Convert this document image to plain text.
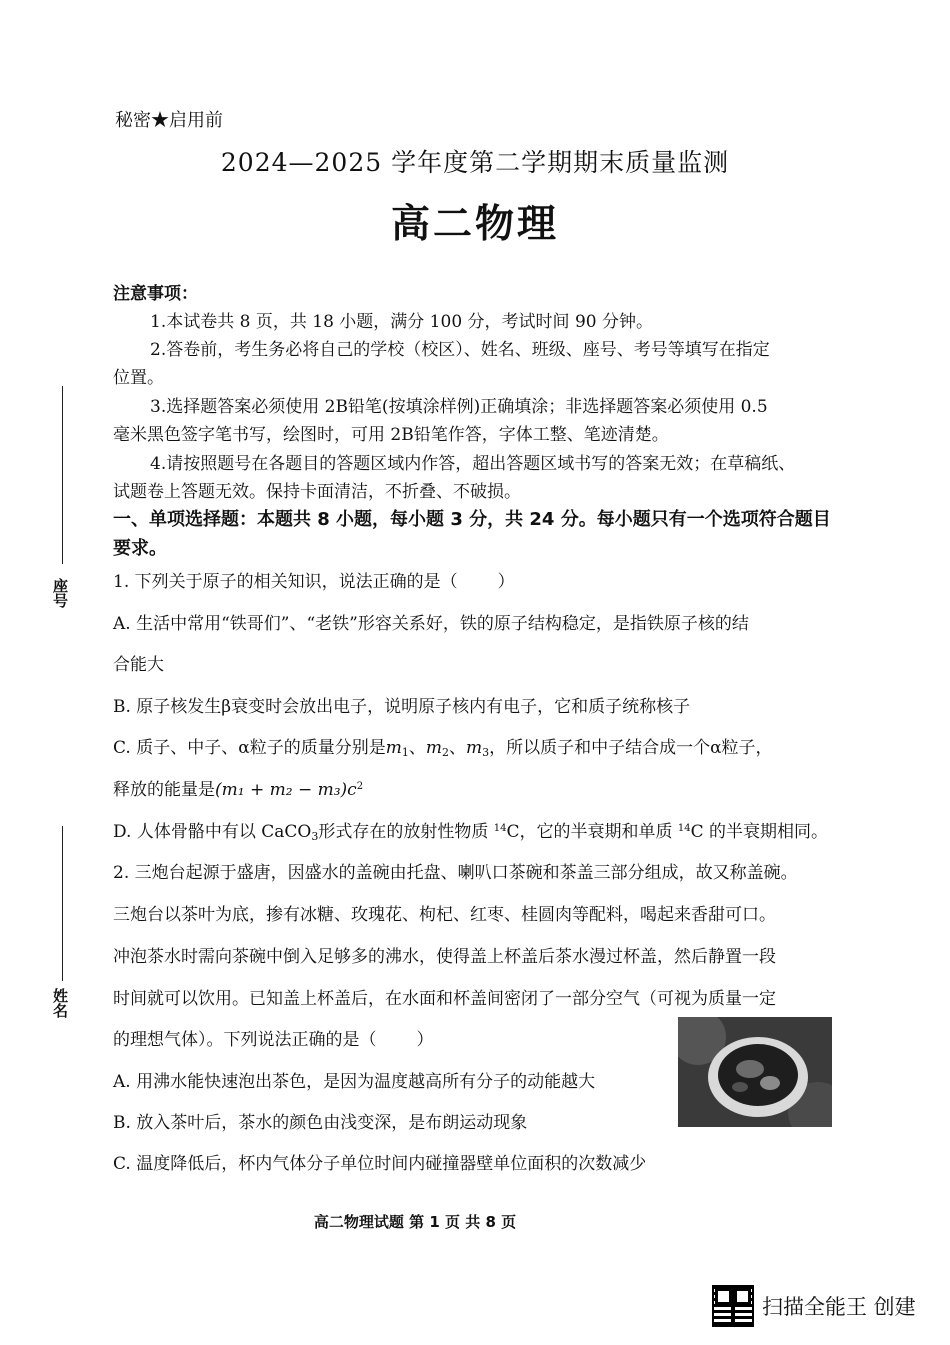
秘密★启用前
2024—2025 学年度第二学期期末质量监测
高二物理
注意事项：
1.本试卷共 8 页，共 18 小题，满分 100 分，考试时间 90 分钟。
2.答卷前，考生务必将自己的学校（校区）、姓名、班级、座号、考号等填写在指定
位置。
3.选择题答案必须使用 2B铅笔(按填涂样例)正确填涂；非选择题答案必须使用 0.5
毫米黑色签字笔书写，绘图时，可用 2B铅笔作答，字体工整、笔迹清楚。
4.请按照题号在各题目的答题区域内作答，超出答题区域书写的答案无效；在草稿纸、
试题卷上答题无效。保持卡面清洁，不折叠、不破损。
一、单项选择题：本题共 8 小题，每小题 3 分，共 24 分。每小题只有一个选项符合题目
要求。
1. 下列关于原子的相关知识，说法正确的是（ ）
A. 生活中常用“铁哥们”、“老铁”形容关系好，铁的原子结构稳定，是指铁原子核的结
合能大
B. 原子核发生β衰变时会放出电子，说明原子核内有电子，它和质子统称核子
C. 质子、中子、α粒子的质量分别是$m_1$、$m_2$、$m_3$，所以质子和中子结合成一个α粒子，
释放的能量是$(m_1 + m_2 - m_3)c^2$
D. 人体骨骼中有以 CaCO$_3$形式存在的放射性物质 $^{14}$C，它的半衰期和单质 $^{14}$C 的半衰期相同。
2. 三炮台起源于盛唐，因盛水的盖碗由托盘、喇叭口茶碗和茶盖三部分组成，故又称盖碗。
三炮台以茶叶为底，掺有冰糖、玫瑰花、枸杞、红枣、桂圆肉等配料，喝起来香甜可口。
冲泡茶水时需向茶碗中倒入足够多的沸水，使得盖上杯盖后茶水漫过杯盖，然后静置一段
时间就可以饮用。已知盖上杯盖后，在水面和杯盖间密闭了一部分空气（可视为质量一定
的理想气体）。下列说法正确的是（ ）
A. 用沸水能快速泡出茶色，是因为温度越高所有分子的动能越大
B. 放入茶叶后，茶水的颜色由浅变深，是布朗运动现象
C. 温度降低后，杯内气体分子单位时间内碰撞器壁单位面积的次数减少
座号
姓名
高二物理试题 第 1 页 共 8 页
扫描全能王 创建
